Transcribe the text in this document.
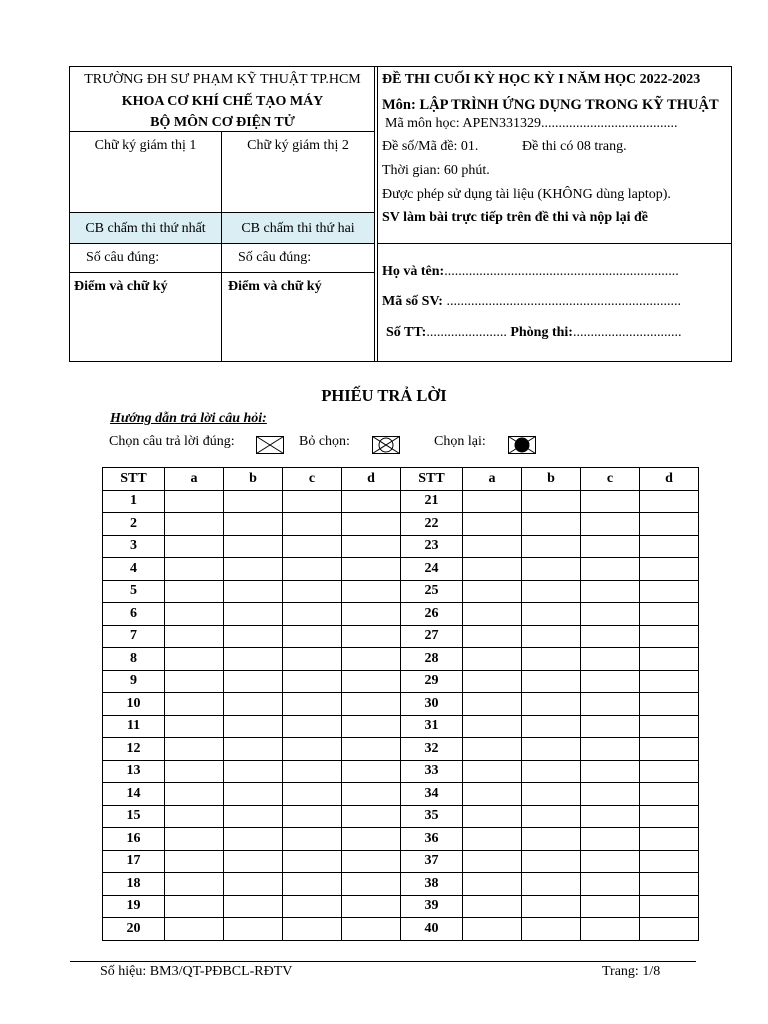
TRƯỜNG ĐH SƯ PHẠM KỸ THUẬT TP.HCM
KHOA CƠ KHÍ CHẾ TẠO MÁY
BỘ MÔN CƠ ĐIỆN TỬ
Chữ ký giám thị 1	Chữ ký giám thị 2
CB chấm thi thứ nhất	CB chấm thi thứ hai
Số câu đúng:	Số câu đúng:
Điểm và chữ ký	Điểm và chữ ký
ĐỀ THI CUỐI KỲ HỌC KỲ I NĂM HỌC 2022-2023
Môn: LẬP TRÌNH ỨNG DỤNG TRONG KỸ THUẬT
Mã môn học: APEN331329.......................................
Đề số/Mã đề: 01.	Đề thi có 08 trang.
Thời gian: 60 phút.
Được phép sử dụng tài liệu (KHÔNG dùng laptop).
SV làm bài trực tiếp trên đề thi và nộp lại đề
Họ và tên:...................................................................
Mã số SV: ...................................................................
Số TT:....................... Phòng thi:...............................
PHIẾU TRẢ LỜI
Hướng dẫn trả lời câu hỏi:
Chọn câu trả lời đúng: ☒ Bỏ chọn:	Chọn lại:
STT	a	b	c	d	STT	a	b	c	d
1					21				
2					22				
3					23				
4					24				
5					25				
6					26				
7					27				
8					28				
9					29				
10					30				
11					31				
12					32				
13					33				
14					34				
15					35				
16					36				
17					37				
18					38				
19					39				
20					40				
Số hiệu: BM3/QT-PĐBCL-RĐTV	Trang: 1/8
